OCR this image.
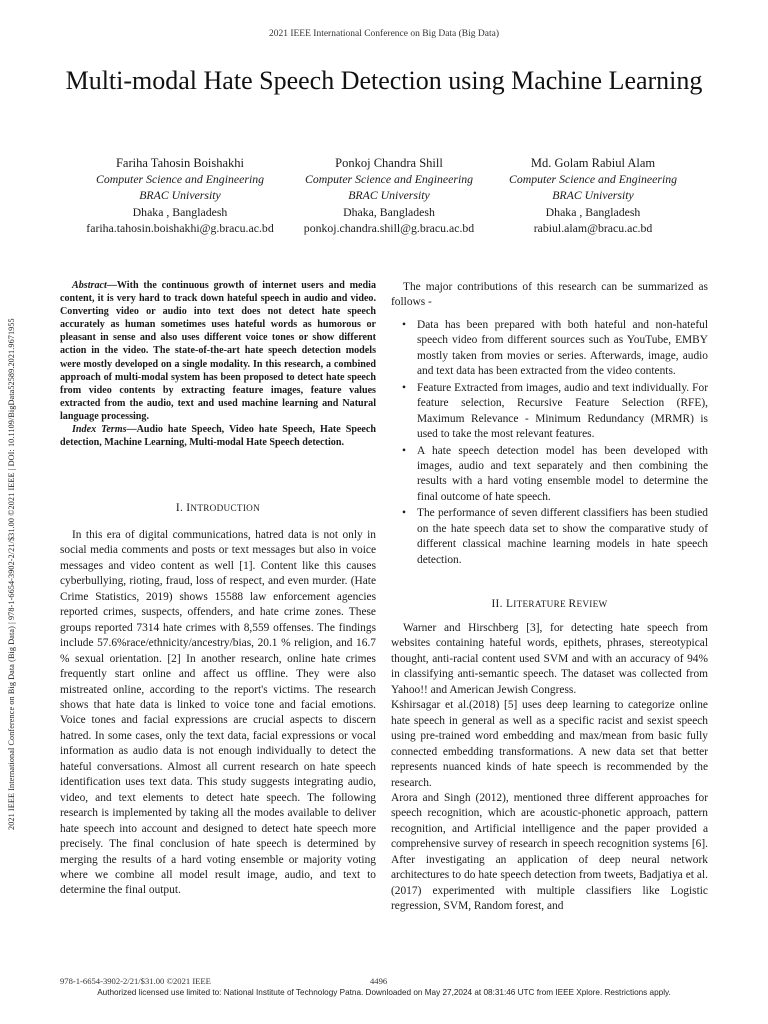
2021 IEEE International Conference on Big Data (Big Data)
Multi-modal Hate Speech Detection using Machine Learning
Fariha Tahosin Boishakhi
Computer Science and Engineering
BRAC University
Dhaka , Bangladesh
fariha.tahosin.boishakhi@g.bracu.ac.bd
Ponkoj Chandra Shill
Computer Science and Engineering
BRAC University
Dhaka, Bangladesh
ponkoj.chandra.shill@g.bracu.ac.bd
Md. Golam Rabiul Alam
Computer Science and Engineering
BRAC University
Dhaka , Bangladesh
rabiul.alam@bracu.ac.bd
2021 IEEE International Conference on Big Data (Big Data) | 978-1-6654-3902-2/21/$31.00 ©2021 IEEE | DOI: 10.1109/BigData52589.2021.9671955

Abstract—With the continuous growth of internet users and media content, it is very hard to track down hateful speech in audio and video. Converting video or audio into text does not detect hate speech accurately as human sometimes uses hateful words as humorous or pleasant in sense and also uses different voice tones or show different action in the video. The state-of-the-art hate speech detection models were mostly developed on a single modality. In this research, a combined approach of multi-modal system has been proposed to detect hate speech from video contents by extracting feature images, feature values extracted from the audio, text and used machine learning and Natural language processing.

Index Terms—Audio hate Speech, Video hate Speech, Hate Speech detection, Machine Learning, Multi-modal Hate Speech detection.

I. INTRODUCTION

In this era of digital communications, hatred data is not only in social media comments and posts or text messages but also in voice messages and video content as well [1]. Content like this causes cyberbullying, rioting, fraud, loss of respect, and even murder. (Hate Crime Statistics, 2019) shows 15588 law enforcement agencies reported crimes, suspects, offenders, and hate crime zones. These groups reported 7314 hate crimes with 8,559 offenses. The findings include 57.6%race/ethnicity/ancestry/bias, 20.1 % religion, and 16.7 % sexual orientation. [2] In another research, online hate crimes frequently start online and affect us offline. They were also mistreated online, according to the report's victims. The research shows that hate data is linked to voice tone and facial emotions. Voice tones and facial expressions are crucial aspects to discern hatred. In some cases, only the text data, facial expressions or vocal information as audio data is not enough individually to detect the hateful conversations. Almost all current research on hate speech identification uses text data. This study suggests integrating audio, video, and text elements to detect hate speech. The following research is implemented by taking all the modes available to deliver hate speech into account and designed to detect hate speech more precisely. The final conclusion of hate speech is determined by merging the results of a hard voting ensemble or majority voting where we combine all model result image, audio, and text to determine the final output.

The major contributions of this research can be summarized as follows -

• Data has been prepared with both hateful and non-hateful speech video from different sources such as YouTube, EMBY mostly taken from movies or series. Afterwards, image, audio and text data has been extracted from the video contents.
• Feature Extracted from images, audio and text individually. For feature selection, Recursive Feature Selection (RFE), Maximum Relevance - Minimum Redundancy (MRMR) is used to take the most relevant features.
• A hate speech detection model has been developed with images, audio and text separately and then combining the results with a hard voting ensemble model to determine the final outcome of hate speech.
• The performance of seven different classifiers has been studied on the hate speech data set to show the comparative study of different classical machine learning models in hate speech detection.
II. LITERATURE REVIEW

Warner and Hirschberg [3], for detecting hate speech from websites containing hateful words, epithets, phrases, stereotypical thought, anti-racial content used SVM and with an accuracy of 94% in classifying anti-semantic speech. The dataset was collected from Yahoo!! and American Jewish Congress.

Kshirsagar et al.(2018) [5] uses deep learning to categorize online hate speech in general as well as a specific racist and sexist speech using pre-trained word embedding and max/mean from basic fully connected embedding transformations. A new data set that better represents nuanced kinds of hate speech is recommended by the research.

Arora and Singh (2012), mentioned three different approaches for speech recognition, which are acoustic-phonetic approach, pattern recognition, and Artificial intelligence and the paper provided a comprehensive survey of research in speech recognition systems [6]. After investigating an application of deep neural network architectures to do hate speech detection from tweets, Badjatiya et al.(2017) experimented with multiple classifiers like Logistic regression, SVM, Random forest, and

978-1-6654-3902-2/21/$31.00 ©2021 IEEE	4496
Authorized licensed use limited to: National Institute of Technology Patna. Downloaded on May 27,2024 at 08:31:46 UTC from IEEE Xplore. Restrictions apply.
